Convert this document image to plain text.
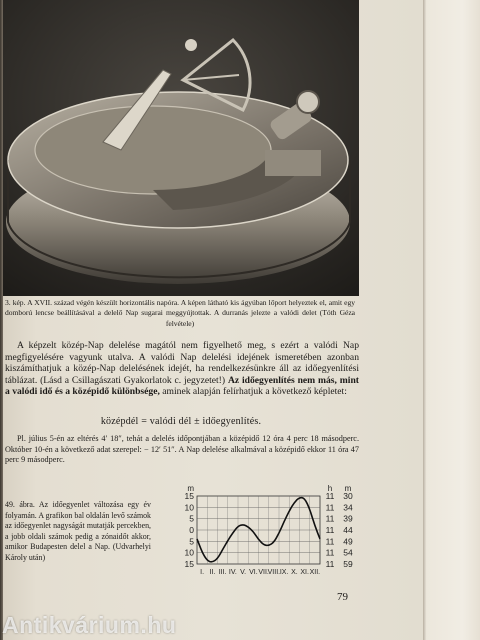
3. kép. A XVII. század végén készült horizontális napóra. A képen látható kis ágyúban lőport helyeztek el, amit egy domború lencse beállításával a delelő Nap sugarai meggyújtottak. A durranás jelezte a valódi delet (Tóth Géza felvétele)

A képzelt közép-Nap delelése magától nem figyelhető meg, s ezért a valódi Nap megfigyelésére vagyunk utalva. A valódi Nap delelési idejének ismeretében azonban kiszámíthatjuk a közép-Nap delelésének idejét, ha rendelkezésünkre áll az időegyenlítési táblázat. (Lásd a Csillagászati Gyakorlatok c. jegyzetet!) Az időegyenlítés nem más, mint a valódi idő és a középidő különbsége, aminek alapján felírhatjuk a következő képletet:

középdél = valódi dél ± időegyenlítés.

Pl. július 5-én az eltérés 4′ 18″, tehát a delelés időpontjában a középidő 12 óra 4 perc 18 másodperc. Október 10-én a következő adat szerepel: − 12′ 51″. A Nap delelése alkalmával a középidő ekkor 11 óra 47 perc 9 másodperc.

49. ábra. Az időegyenlet változása egy év folyamán. A grafikon bal oldalán levő számok az időegyenlet nagyságát mutatják percekben, a jobb oldali számok pedig a zónaidőt akkor, amikor Budapesten delel a Nap. (Udvarhelyi Károly után)
m
15
10
5
0
5
10
15
h m
11
11
11
11
11
11
11
30
34
39
44
49
54
59
I. II. III. IV. V. VI. VII.
VIII. IX. X. XI. XII.
79
Antikvárium.hu
